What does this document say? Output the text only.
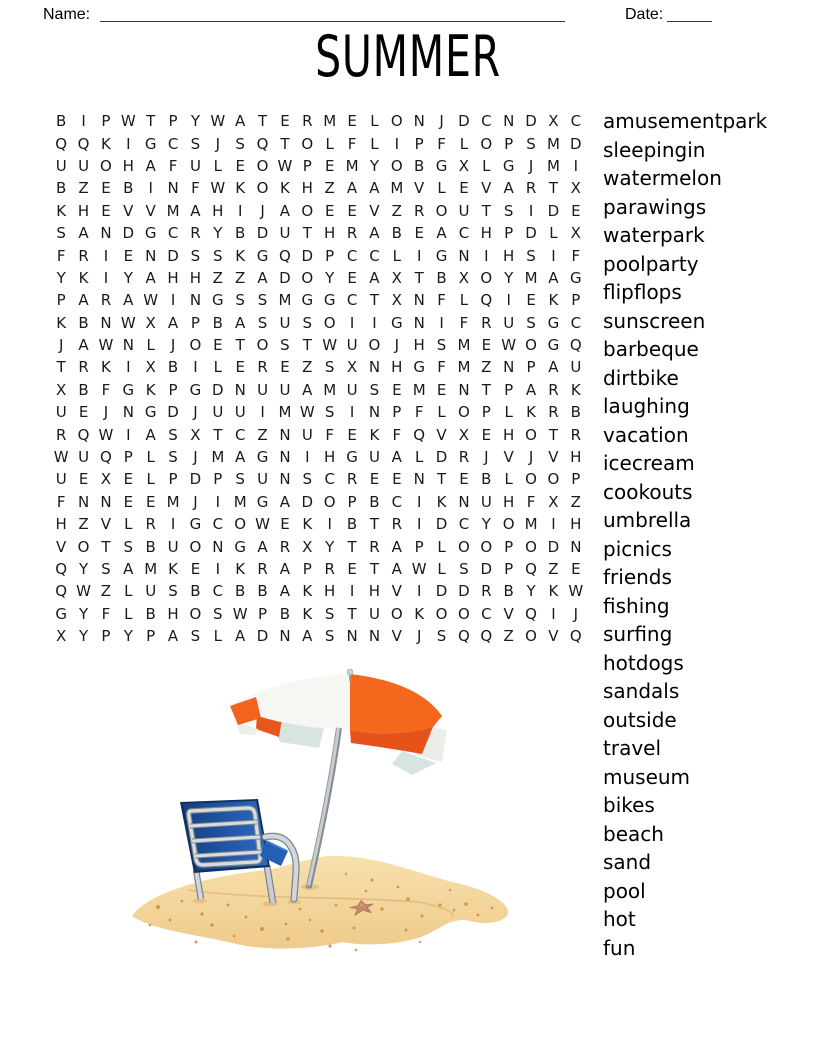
Name:	Date:
SUMMER
B	I	P W T P Y W A T E R M E L O N J D C N D X C
Q Q K	I G C S	J	S Q T O L F L	I	P F L O P S M D
U U O H A F U L E O W P E M Y O B G X L G J M I
B Z E B	I N F W K O K H Z A A M V L E V A R T X
K H E V V M A H I	J	A O E E V Z R O U T S	I D E
S A N D G C R Y B D U T H R A B E A C H P D L X
F R I	E N D S S K G Q D P C C L	I G N I H S	I	F
Y K	I	Y A H H Z Z A D O Y E A X T B X O Y M A G
P A R A W I N G S S M G G C T X N F L Q I	E K P
K B N W X A P B A S U S O I	I G N I	F R U S G C
J	A W N L	J O E T O S T W U O J H S M E W O G Q
T R K	I	X B	I	L E R E Z S X N H G F M Z N P A U
X B F G K P G D N U U A M U S E M E N T P A R K
U E	J N G D J U U I M W S	I N P F L O P L K R B
R Q W I	A S X T C Z N U F E K F Q V X E H O T R
W U Q P L S	J M A G N I H G U A L D R J	V	J	V H
U E X E L P D P S U N S C R E E N T E B L O O P
F N N E E M J	I M G A D O P B C I	K N U H F X Z
H Z V L R I G C O W E K	I	B T R I D C Y O M I H
V O T S B U O N G A R X Y T R A P L O O P O D N
Q Y S A M K E	I	K R A P R E T A W L S D P Q Z E
Q W Z L U S B C B B A K H I H V	I D D R B Y K W
G Y F L B H O S W P B K S T U O K O O C V Q I	J
X Y P Y P A S L A D N A S N N V	J	S Q Q Z O V Q
amusementpark
sleepingin
watermelon
parawings
waterpark
poolparty
flipflops
sunscreen
barbeque
dirtbike
laughing
vacation
icecream
cookouts
umbrella
picnics
friends
fishing
surfing
hotdogs
sandals
outside
travel
museum
bikes
beach
sand
pool
hot
fun
